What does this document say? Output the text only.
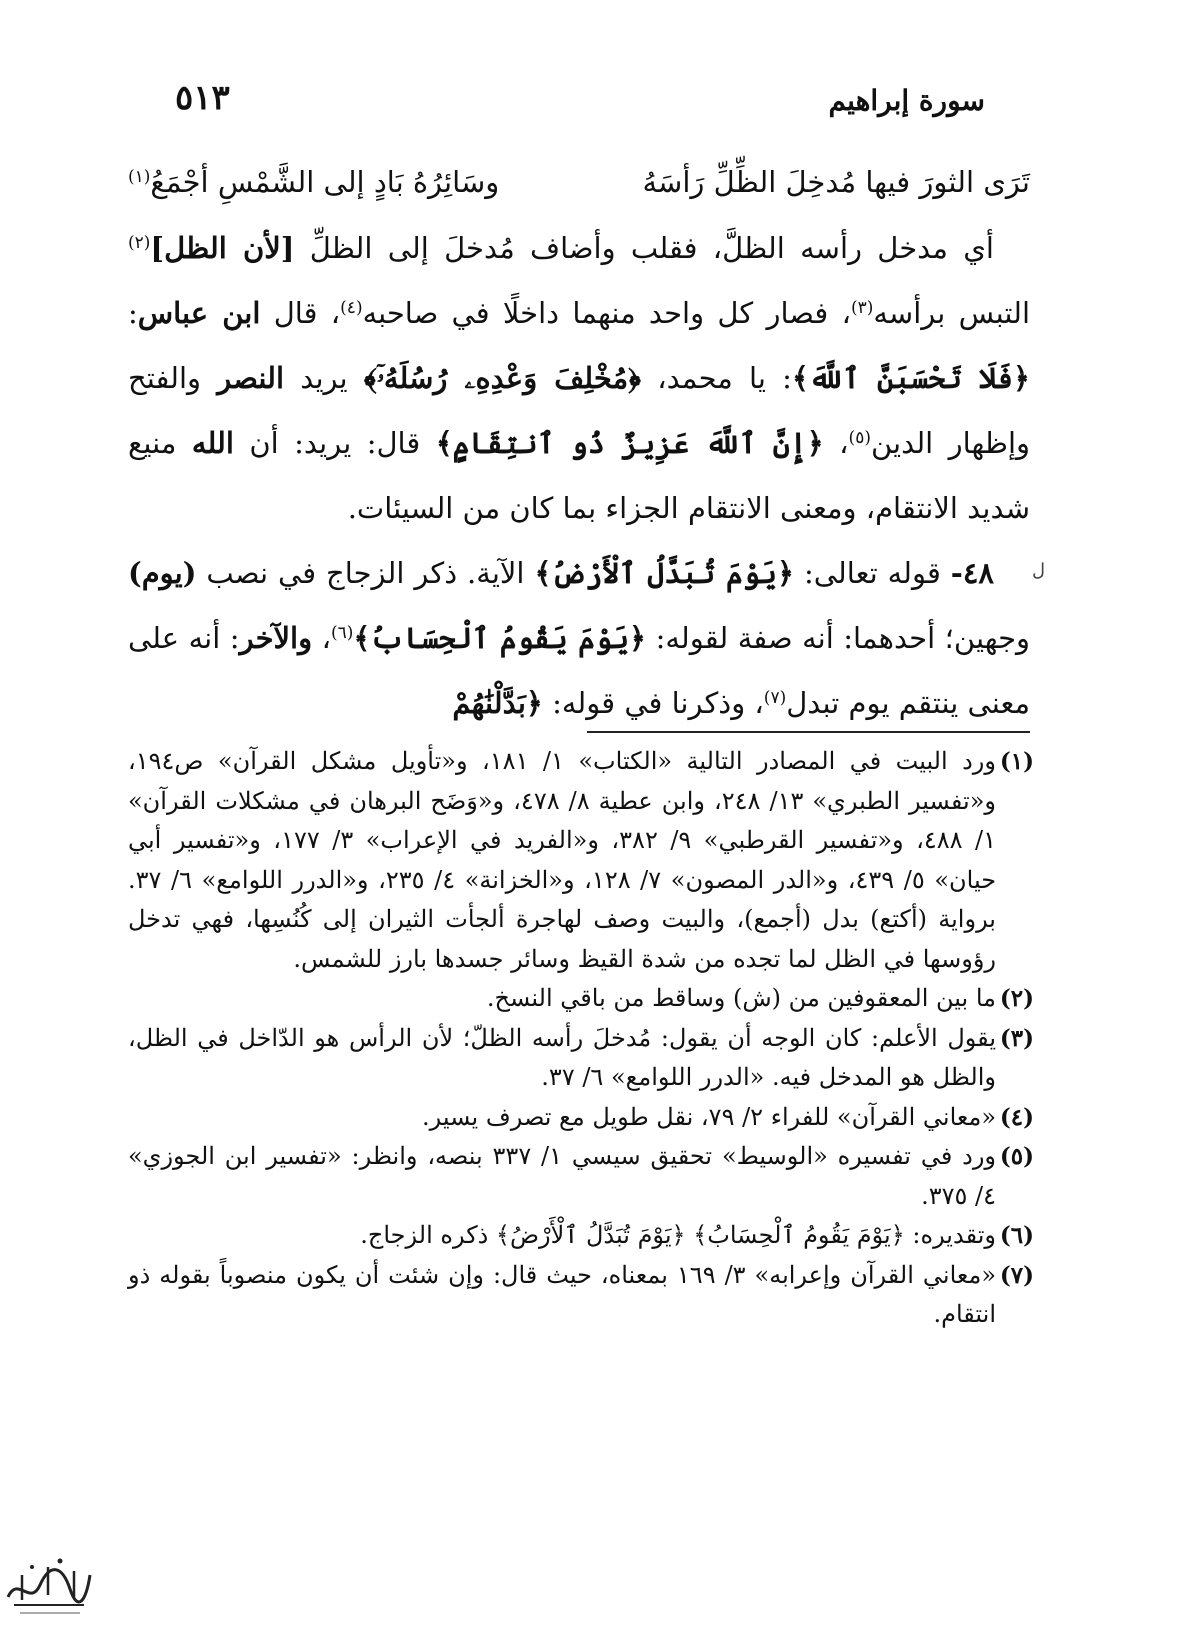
سورة إبراهيم
٥١٣

تَرَى الثورَ فيها مُدخِلَ الظِّلِّ رَأسَهُ
وسَائِرُهُ بَادٍ إلى الشَّمْسِ أجْمَعُ$^{(١)}$

أي مدخل رأسه الظلَّ، فقلب وأضاف مُدخلَ إلى الظلِّ [لأن الظل]$^{(٢)}$ التبس برأسه$^{(٣)}$، فصار كل واحد منهما داخلًا في صاحبه$^{(٤)}$، قال ابن عباس: ﴿فَلَا تَحْسَبَنَّ ٱللَّهَ﴾: يا محمد، ﴿مُخْلِفَ وَعْدِهِۦ رُسُلَهُۥٓ﴾ يريد النصر والفتح وإظهار الدين$^{(٥)}$، ﴿إِنَّ ٱللَّهَ عَزِيزٌ ذُو ٱنتِقَامٍ﴾ قال: يريد: أن الله منيع شديد الانتقام، ومعنى الانتقام الجزاء بما كان من السيئات.

٤٨- قوله تعالى: ﴿يَوْمَ تُبَدَّلُ ٱلْأَرْضُ﴾ الآية. ذكر الزجاج في نصب (يوم) وجهين؛ أحدهما: أنه صفة لقوله: ﴿يَوْمَ يَقُومُ ٱلْحِسَابُ﴾$^{(٦)}$، والآخر: أنه على معنى ينتقم يوم تبدل$^{(٧)}$، وذكرنا في قوله: ﴿بَدَّلْنَٰهُمْ

ل
(١)
ورد البيت في المصادر التالية «الكتاب» ١/ ١٨١، و«تأويل مشكل القرآن» ص١٩٤، و«تفسير الطبري» ١٣/ ٢٤٨، وابن عطية ٨/ ٤٧٨، و«وَضَح البرهان في مشكلات القرآن» ١/ ٤٨٨، و«تفسير القرطبي» ٩/ ٣٨٢، و«الفريد في الإعراب» ٣/ ١٧٧، و«تفسير أبي حيان» ٥/ ٤٣٩، و«الدر المصون» ٧/ ١٢٨، و«الخزانة» ٤/ ٢٣٥، و«الدرر اللوامع» ٦/ ٣٧. برواية (أكتع) بدل (أجمع)، والبيت وصف لهاجرة ألجأت الثيران إلى كُنُسِها، فهي تدخل رؤوسها في الظل لما تجده من شدة القيظ وسائر جسدها بارز للشمس.
(٢)
ما بين المعقوفين من (ش) وساقط من باقي النسخ.
(٣)
يقول الأعلم: كان الوجه أن يقول: مُدخلَ رأسه الظلّ؛ لأن الرأس هو الدّاخل في الظل، والظل هو المدخل فيه. «الدرر اللوامع» ٦/ ٣٧.
(٤)
«معاني القرآن» للفراء ٢/ ٧٩، نقل طويل مع تصرف يسير.
(٥)
ورد في تفسيره «الوسيط» تحقيق سيسي ١/ ٣٣٧ بنصه، وانظر: «تفسير ابن الجوزي» ٤/ ٣٧٥.
(٦)
وتقديره: ﴿يَوْمَ يَقُومُ ٱلْحِسَابُ﴾ ﴿يَوْمَ تُبَدَّلُ ٱلْأَرْضُ﴾ ذكره الزجاج.
(٧)
«معاني القرآن وإعرابه» ٣/ ١٦٩ بمعناه، حيث قال: وإن شئت أن يكون منصوباً بقوله ذو انتقام.
